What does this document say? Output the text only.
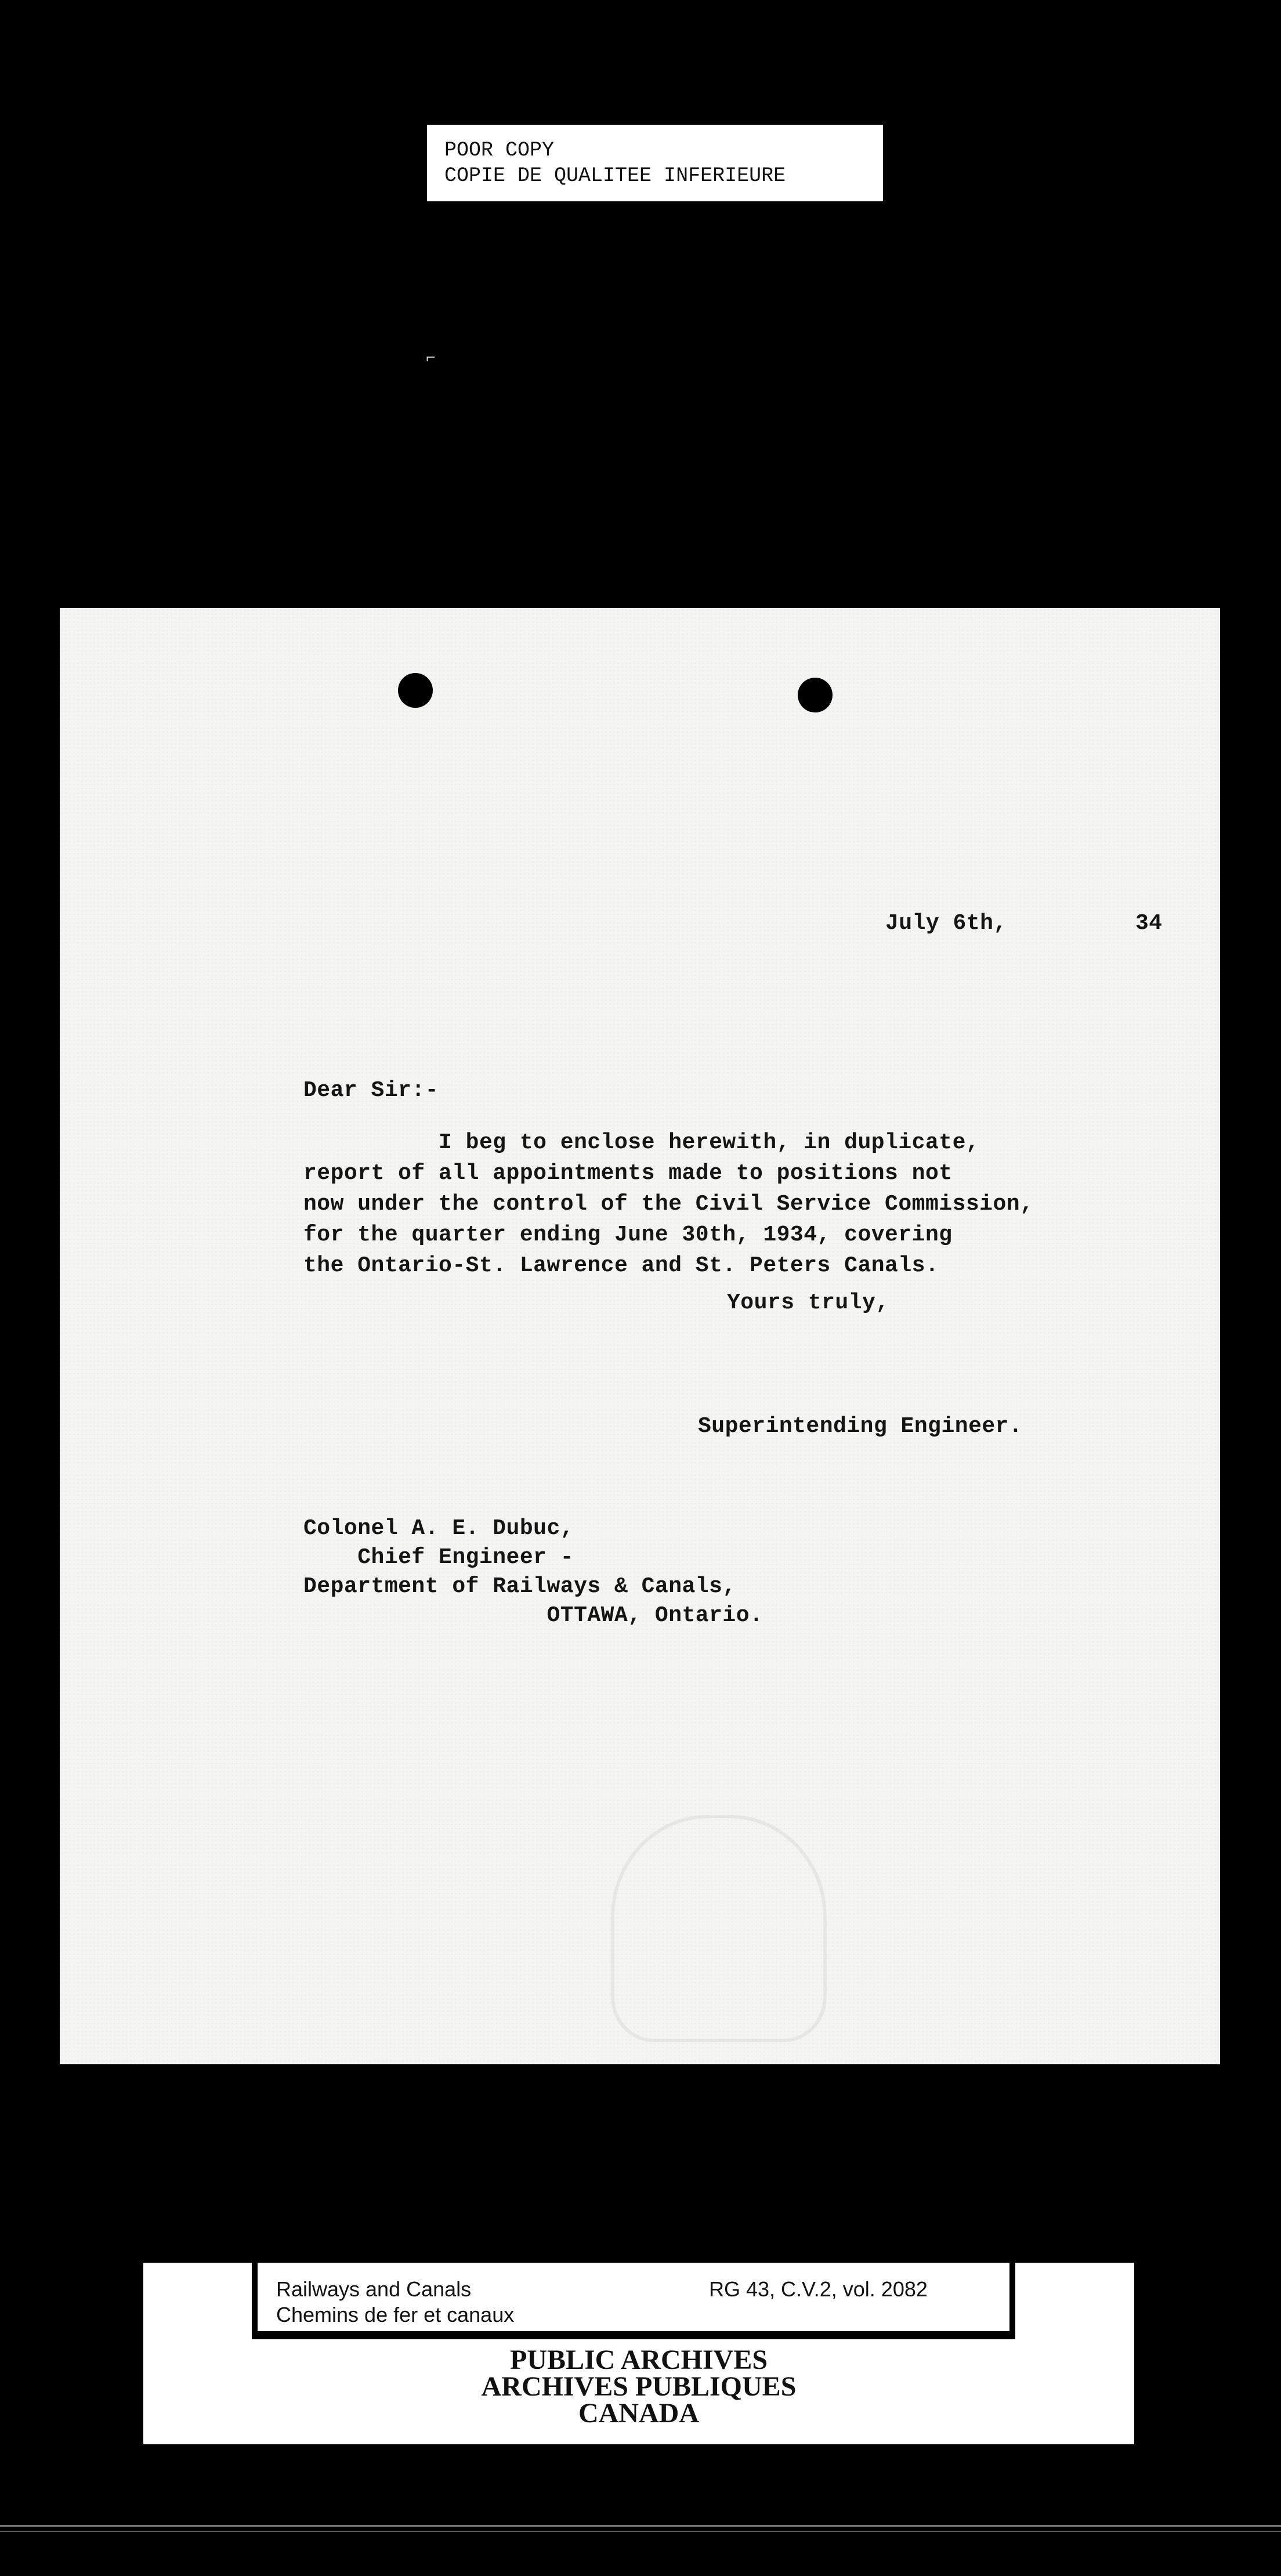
POOR COPY
COPIE DE QUALITEE INFERIEURE
⌐
July 6th,	34
Dear Sir:-
I beg to enclose herewith, in duplicate,
report of all appointments made to positions not
now under the control of the Civil Service Commission,
for the quarter ending June 30th, 1934, covering
the Ontario-St. Lawrence and St. Peters Canals.
Yours truly,
Superintending Engineer.
Colonel A. E. Dubuc,
Chief Engineer -
Department of Railways & Canals,
OTTAWA, Ontario.
Railways and Canals
Chemins de fer et canaux
RG 43, C.V.2, vol. 2082
PUBLIC ARCHIVES
ARCHIVES PUBLIQUES
CANADA
